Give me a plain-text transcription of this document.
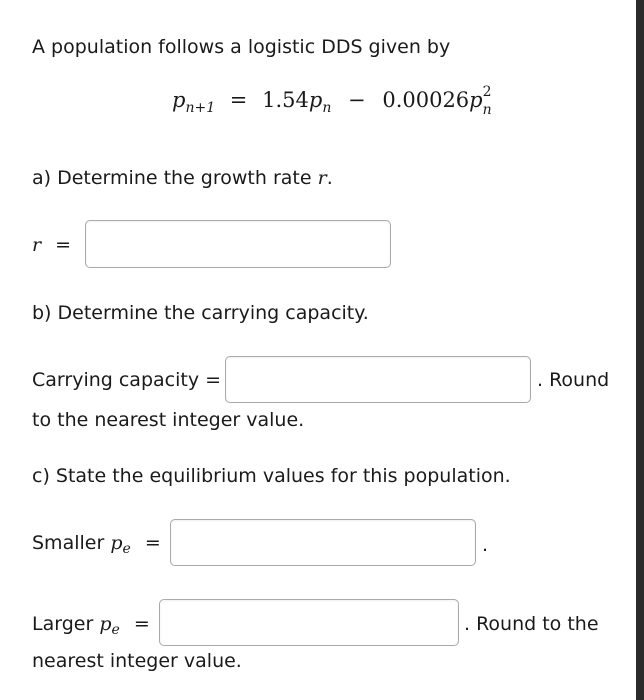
A population follows a logistic DDS given by
$p_{n+1} = 1.54p_n - 0.00026p$ 2
n
a) Determine the growth rate r.
r =
b) Determine the carrying capacity.
Carrying capacity =	. Round
to the nearest integer value.
c) State the equilibrium values for this population.
Smaller $p_e$ =	.
Larger $p_e$ =	. Round to the
nearest integer value.
